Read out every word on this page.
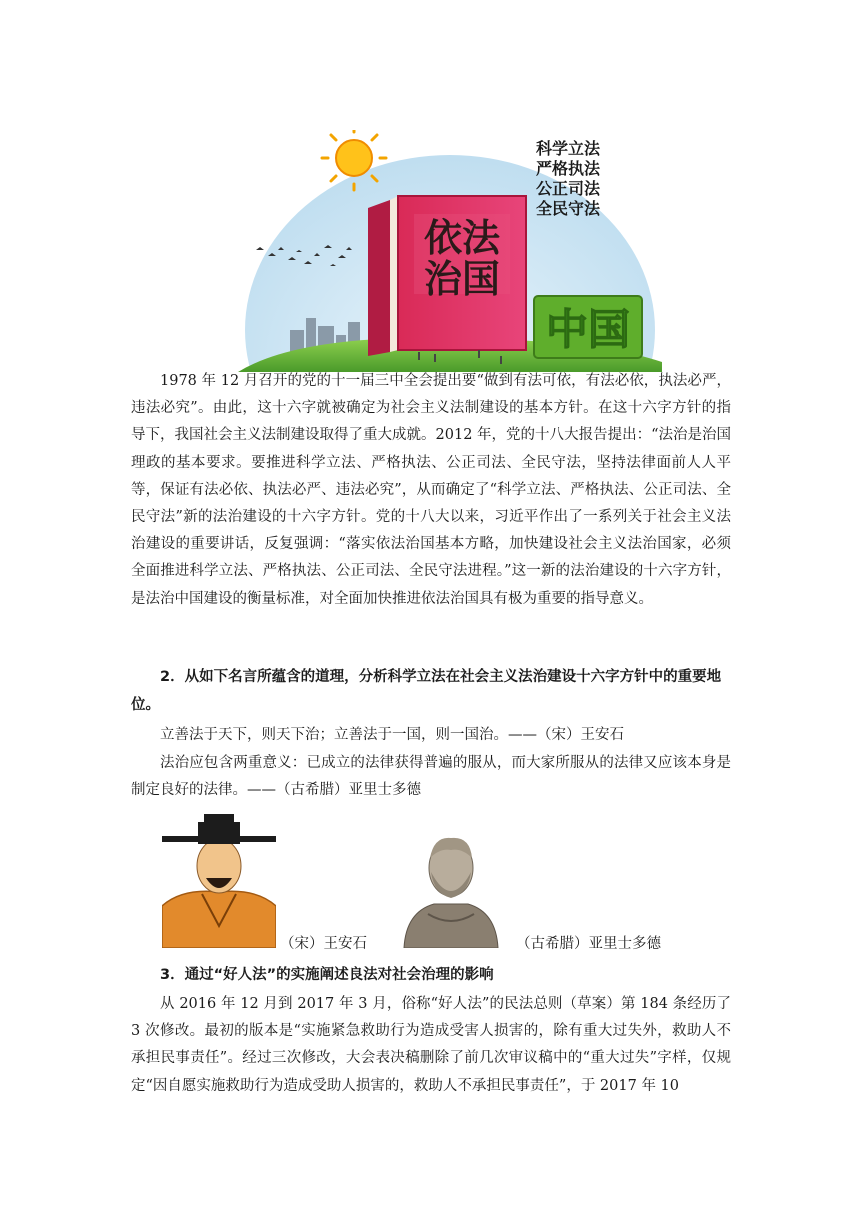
依法
治国
中国
科学立法
严格执法
公正司法
全民守法

1978 年 12 月召开的党的十一届三中全会提出要“做到有法可依，有法必依，执法必严，违法必究”。由此，这十六字就被确定为社会主义法制建设的基本方针。在这十六字方针的指导下，我国社会主义法制建设取得了重大成就。2012 年，党的十八大报告提出：“法治是治国理政的基本要求。要推进科学立法、严格执法、公正司法、全民守法，坚持法律面前人人平等，保证有法必依、执法必严、违法必究”，从而确定了“科学立法、严格执法、公正司法、全民守法”新的法治建设的十六字方针。党的十八大以来，习近平作出了一系列关于社会主义法治建设的重要讲话，反复强调：“落实依法治国基本方略，加快建设社会主义法治国家，必须全面推进科学立法、严格执法、公正司法、全民守法进程。”这一新的法治建设的十六字方针，是法治中国建设的衡量标准，对全面加快推进依法治国具有极为重要的指导意义。

2．从如下名言所蕴含的道理，分析科学立法在社会主义法治建设十六字方针中的重要地位。

立善法于天下，则天下治；立善法于一国，则一国治。——（宋）王安石

法治应包含两重意义：已成立的法律获得普遍的服从，而大家所服从的法律又应该本身是制定良好的法律。——（古希腊）亚里士多德

（宋）王安石	（古希腊）亚里士多德

3．通过“好人法”的实施阐述良法对社会治理的影响

从 2016 年 12 月到 2017 年 3 月，俗称“好人法”的民法总则（草案）第 184 条经历了 3 次修改。最初的版本是“实施紧急救助行为造成受害人损害的，除有重大过失外，救助人不承担民事责任”。经过三次修改，大会表决稿删除了前几次审议稿中的“重大过失”字样，仅规定“因自愿实施救助行为造成受助人损害的，救助人不承担民事责任”，于 2017 年 10
